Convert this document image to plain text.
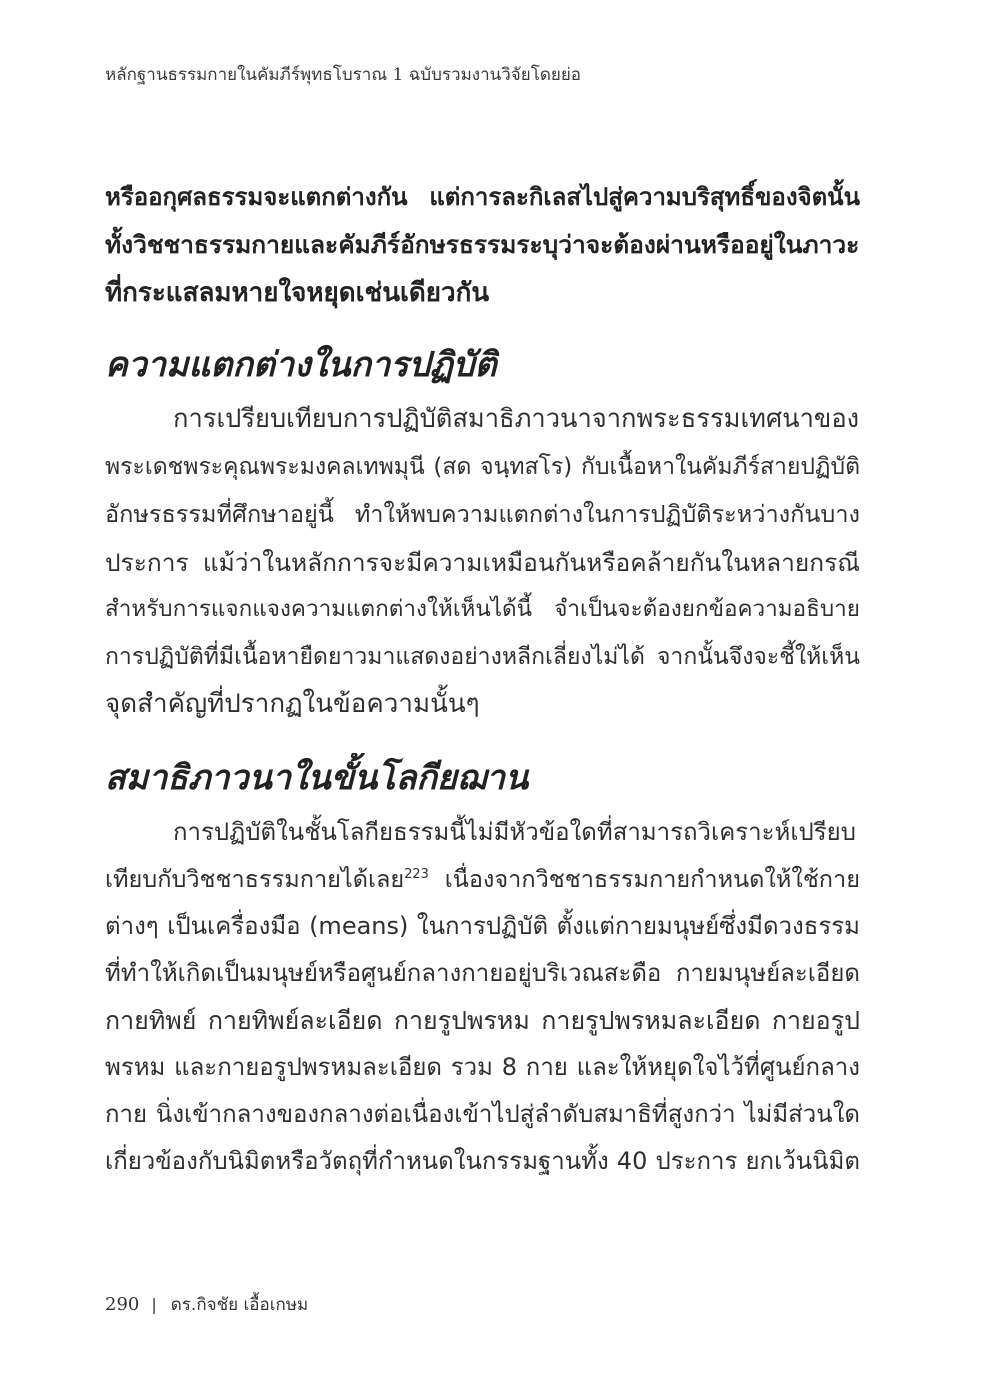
หลักฐานธรรมกายในคัมภีร์พุทธโบราณ 1 ฉบับรวมงานวิจัยโดยย่อ
หรืออกุศลธรรมจะแตกต่างกัน แต่การละกิเลสไปสู่ความบริสุทธิ์ของจิตนั้น
ทั้งวิชชาธรรมกายและคัมภีร์อักษรธรรมระบุว่าจะต้องผ่านหรืออยู่ในภาวะ
ที่กระแสลมหายใจหยุดเช่นเดียวกัน
ความแตกต่างในการปฏิบัติ
การเปรียบเทียบการปฏิบัติสมาธิภาวนาจากพระธรรมเทศนาของ
พระเดชพระคุณพระมงคลเทพมุนี (สด จนฺทสโร) กับเนื้อหาในคัมภีร์สายปฏิบัติ
อักษรธรรมที่ศึกษาอยู่นี้ ทำให้พบความแตกต่างในการปฏิบัติระหว่างกันบาง
ประการ แม้ว่าในหลักการจะมีความเหมือนกันหรือคล้ายกันในหลายกรณี
สำหรับการแจกแจงความแตกต่างให้เห็นได้นี้ จำเป็นจะต้องยกข้อความอธิบาย
การปฏิบัติที่มีเนื้อหายืดยาวมาแสดงอย่างหลีกเลี่ยงไม่ได้ จากนั้นจึงจะชี้ให้เห็น
จุดสำคัญที่ปรากฏในข้อความนั้นๆ
สมาธิภาวนาในขั้นโลกียฌาน
การปฏิบัติในชั้นโลกียธรรมนี้ไม่มีหัวข้อใดที่สามารถวิเคราะห์เปรียบ
เทียบกับวิชชาธรรมกายได้เลย$^{223}$ เนื่องจากวิชชาธรรมกายกำหนดให้ใช้กาย
ต่างๆ เป็นเครื่องมือ (means) ในการปฏิบัติ ตั้งแต่กายมนุษย์ซึ่งมีดวงธรรม
ที่ทำให้เกิดเป็นมนุษย์หรือศูนย์กลางกายอยู่บริเวณสะดือ กายมนุษย์ละเอียด
กายทิพย์ กายทิพย์ละเอียด กายรูปพรหม กายรูปพรหมละเอียด กายอรูป
พรหม และกายอรูปพรหมละเอียด รวม 8 กาย และให้หยุดใจไว้ที่ศูนย์กลาง
กาย นิ่งเข้ากลางของกลางต่อเนื่องเข้าไปสู่ลำดับสมาธิที่สูงกว่า ไม่มีส่วนใด
เกี่ยวข้องกับนิมิตหรือวัตถุที่กำหนดในกรรมฐานทั้ง 40 ประการ ยกเว้นนิมิต
290 | ดร.กิจชัย เอื้อเกษม
